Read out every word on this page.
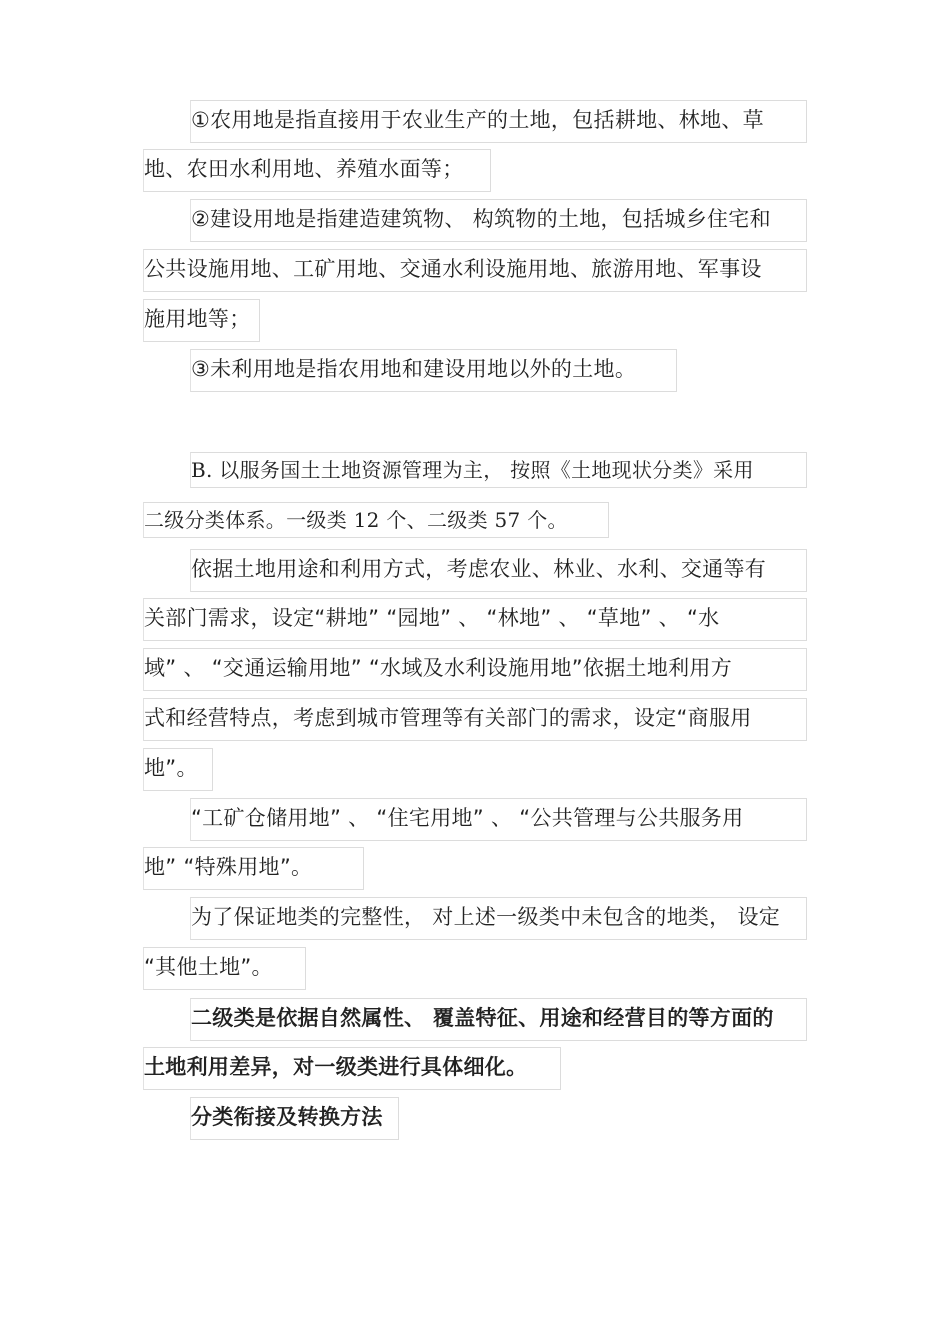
①农用地是指直接用于农业生产的土地，包括耕地、林地、草
地、农田水利用地、养殖水面等；
②建设用地是指建造建筑物、 构筑物的土地，包括城乡住宅和
公共设施用地、工矿用地、交通水利设施用地、旅游用地、军事设
施用地等；
③未利用地是指农用地和建设用地以外的土地。
B. 以服务国土土地资源管理为主， 按照《土地现状分类》采用
二级分类体系。一级类 12 个、二级类 57 个。
依据土地用途和利用方式，考虑农业、林业、水利、交通等有
关部门需求，设定“耕地” “园地” 、 “林地” 、 “草地” 、 “水
域” 、 “交通运输用地” “水域及水利设施用地”依据土地利用方
式和经营特点，考虑到城市管理等有关部门的需求，设定“商服用
地”。
“工矿仓储用地” 、 “住宅用地” 、 “公共管理与公共服务用
地” “特殊用地”。
为了保证地类的完整性， 对上述一级类中未包含的地类， 设定
“其他土地”。
二级类是依据自然属性、 覆盖特征、用途和经营目的等方面的
土地利用差异，对一级类进行具体细化。
分类衔接及转换方法
